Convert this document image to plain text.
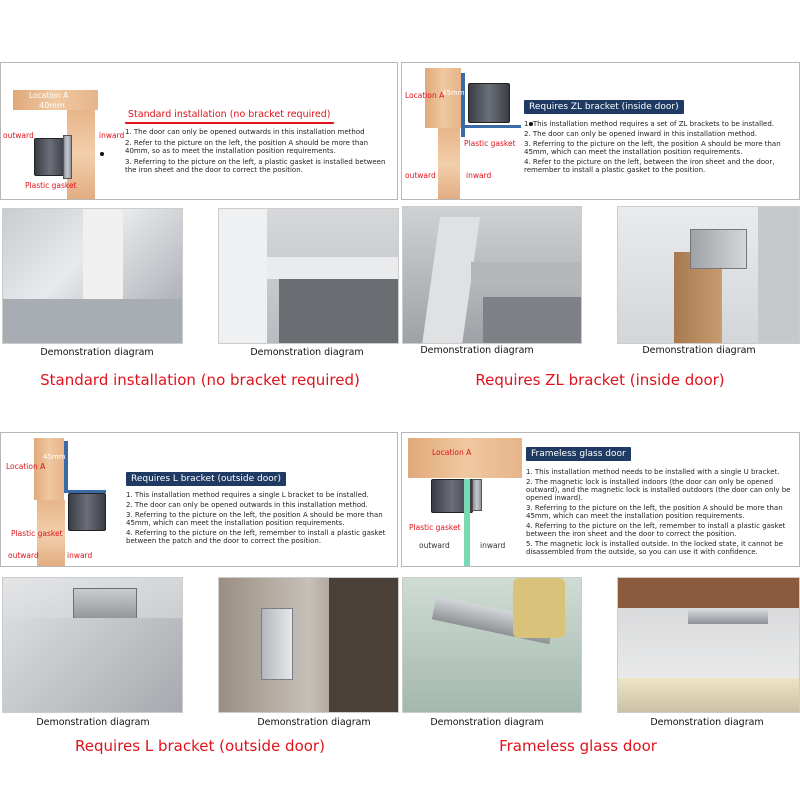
Location A
40mm
outward	inward
Plastic gasket
Standard installation (no bracket required)

1. The door can only be opened outwards in this installation method

2. Refer to the picture on the left, the position A should be more than 40mm, so as to meet the installation position requirements.

3. Referring to the picture on the left, a plastic gasket is installed between the iron sheet and the door to correct the position.

Location A
45mm
Plastic gasket
outward	inward
Requires ZL bracket (inside door)

1. This installation method requires a set of ZL brackets to be installed.

2. The door can only be opened inward in this installation method.

3. Referring to the picture on the left, the position A should be more than 45mm, which can meet the installation position requirements.

4. Refer to the picture on the left, between the iron sheet and the door, remember to install a plastic gasket to the position.

Demonstration diagram	Demonstration diagram	Demonstration diagram	Demonstration diagram
Standard installation (no bracket required)	Requires ZL bracket (inside door)
Location A
45mm
Plastic gasket
outward	inward
Requires L bracket (outside door)

1. This installation method requires a single L bracket to be installed.

2. The door can only be opened outwards in this installation method.

3. Referring to the picture on the left, the position A should be more than 45mm, which can meet the installation position requirements.

4. Referring to the picture on the left, remember to install a plastic gasket between the patch and the door to correct the position.

Location A
Plastic gasket
outward	inward
Frameless glass door

1. This installation method needs to be installed with a single U bracket.

2. The magnetic lock is installed indoors (the door can only be opened outward), and the magnetic lock is installed outdoors (the door can only be opened inward).

3. Referring to the picture on the left, the position A should be more than 45mm, which can meet the installation position requirements.

4. Referring to the picture on the left, remember to install a plastic gasket between the iron sheet and the door to correct the position.

5. The magnetic lock is installed outside. In the locked state, it cannot be disassembled from the outside, so you can use it with confidence.

Demonstration diagram	Demonstration diagram	Demonstration diagram	Demonstration diagram
Requires L bracket (outside door)	Frameless glass door
